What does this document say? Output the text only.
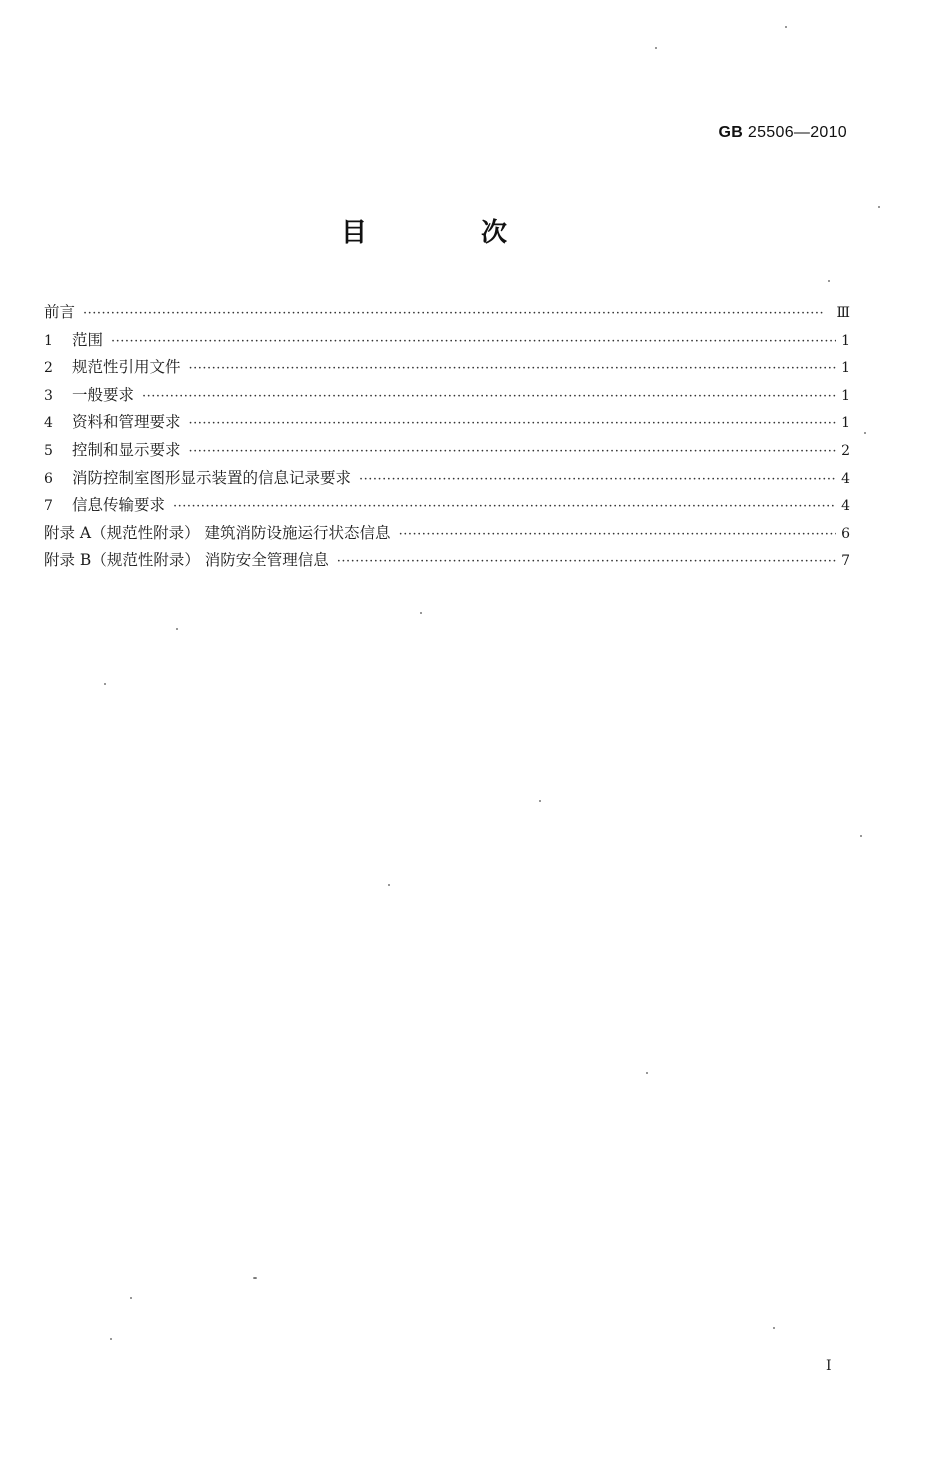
GB 25506—2010
目　次
前言 ·····	Ⅲ
1	范围 ·····	1
2	规范性引用文件 ·····	1
3	一般要求 ·····	1
4	资料和管理要求 ·····	1
5	控制和显示要求 ·····	2
6	消防控制室图形显示装置的信息记录要求 ·····	4
7	信息传输要求 ·····	4
附录 A（规范性附录） 建筑消防设施运行状态信息 ·····	6
附录 B（规范性附录） 消防安全管理信息 ·····	7
I
